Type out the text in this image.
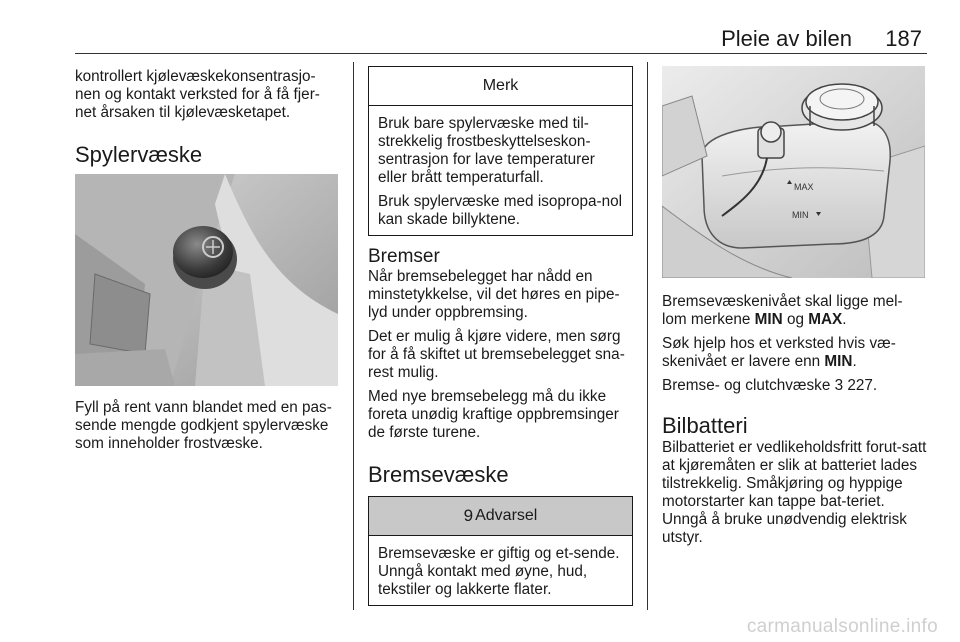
Pleie av bilen 187

kontrollert kjølevæskekonsentrasjo-nen og kontakt verksted for å få fjer-net årsaken til kjølevæsketapet.

Spylervæske

Fyll på rent vann blandet med en pas-sende mengde godkjent spylervæske som inneholder frostvæske.

Merk

Bruk bare spylervæske med til-strekkelig frostbeskyttelseskon-sentrasjon for lave temperaturer eller brått temperaturfall.

Bruk spylervæske med isopropa-nol kan skade billyktene.

Bremser

Når bremsebelegget har nådd en minstetykkelse, vil det høres en pipe-lyd under oppbremsing.

Det er mulig å kjøre videre, men sørg for å få skiftet ut bremsebelegget sna-rest mulig.

Med nye bremsebelegg må du ikke foreta unødig kraftige oppbremsinger de første turene.

Bremsevæske
9 Advarsel

Bremsevæske er giftig og et-sende. Unngå kontakt med øyne, hud, tekstiler og lakkerte flater.

MAX
MIN

Bremsevæskenivået skal ligge mel-lom merkene MIN og MAX.

Søk hjelp hos et verksted hvis væ-skenivået er lavere enn MIN.

Bremse- og clutchvæske 3 227.

Bilbatteri

Bilbatteriet er vedlikeholdsfritt forut-satt at kjøremåten er slik at batteriet lades tilstrekkelig. Småkjøring og hyppige motorstarter kan tappe bat-teriet. Unngå å bruke unødvendig elektrisk utstyr.

carmanualsonline.info
